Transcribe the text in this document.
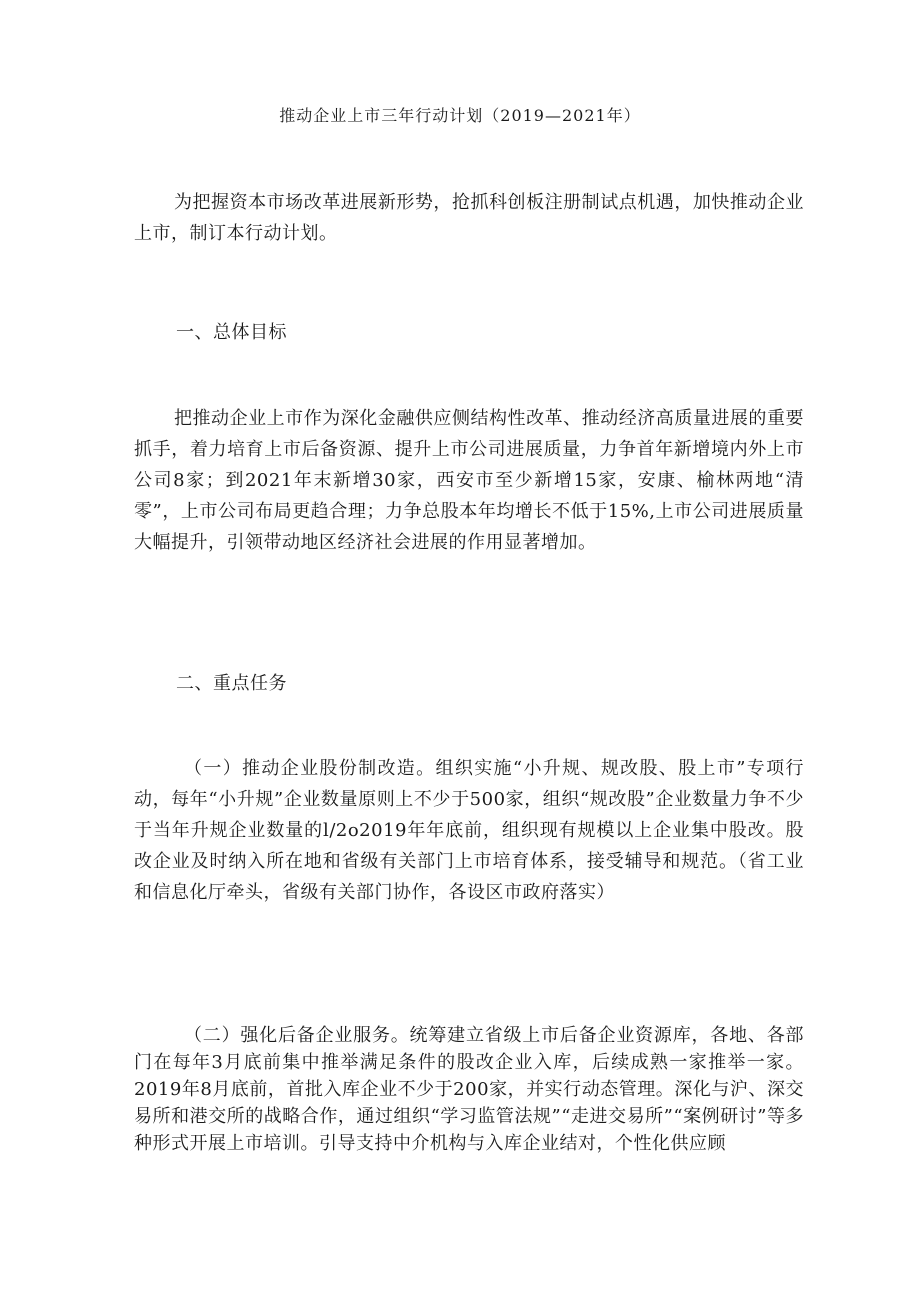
推动企业上市三年行动计划（2019—2021年）

为把握资本市场改革进展新形势，抢抓科创板注册制试点机遇，加快推动企业上市，制订本行动计划。

一、总体目标

把推动企业上市作为深化金融供应侧结构性改革、推动经济高质量进展的重要抓手，着力培育上市后备资源、提升上市公司进展质量，力争首年新增境内外上市公司8家；到2021年末新增30家，西安市至少新增15家，安康、榆林两地“清零”，上市公司布局更趋合理；力争总股本年均增长不低于15%,上市公司进展质量大幅提升，引领带动地区经济社会进展的作用显著增加。

二、重点任务

（一）推动企业股份制改造。组织实施“小升规、规改股、股上市”专项行动，每年“小升规”企业数量原则上不少于500家，组织“规改股”企业数量力争不少于当年升规企业数量的l/2o2019年年底前，组织现有规模以上企业集中股改。股改企业及时纳入所在地和省级有关部门上市培育体系，接受辅导和规范。（省工业和信息化厅牵头，省级有关部门协作，各设区市政府落实）

（二）强化后备企业服务。统筹建立省级上市后备企业资源库，各地、各部门在每年3月底前集中推举满足条件的股改企业入库，后续成熟一家推举一家。2019年8月底前，首批入库企业不少于200家，并实行动态管理。深化与沪、深交易所和港交所的战略合作，通过组织“学习监管法规”“走进交易所”“案例研讨”等多种形式开展上市培训。引导支持中介机构与入库企业结对，个性化供应顾
